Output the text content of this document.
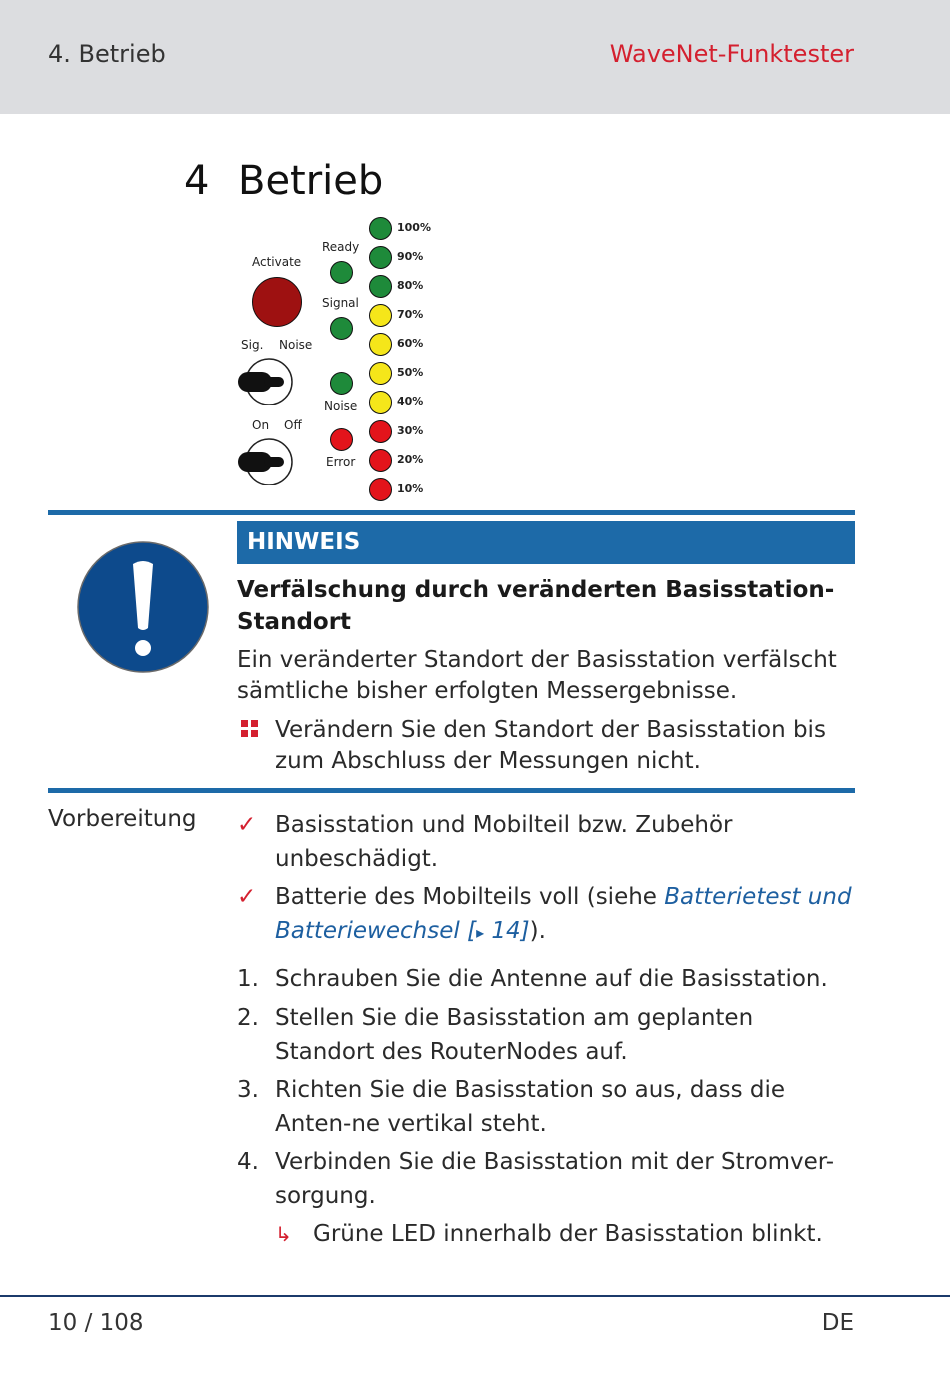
4. Betrieb	WaveNet-Funktester
4 Betrieb
Activate
Ready
Signal
Noise
Error
Sig. Noise
On Off
100%
90%
80%
70%
60%
50%
40%
30%
20%
10%
HINWEIS
Verfälschung durch veränderten Basisstation-Standort
Ein veränderter Standort der Basisstation verfälscht sämtliche bisher erfolgten Messergebnisse.
Verändern Sie den Standort der Basisstation bis zum Abschluss der Messungen nicht.
Vorbereitung ✓ Basisstation und Mobilteil bzw. Zubehör unbeschädigt.
✓ Batterie des Mobilteils voll (siehe Batterietest und Batteriewechsel [▸ 14]).
1. Schrauben Sie die Antenne auf die Basisstation.
2. Stellen Sie die Basisstation am geplanten Standort des RouterNodes auf.
3. Richten Sie die Basisstation so aus, dass die Anten-ne vertikal steht.
4. Verbinden Sie die Basisstation mit der Stromver-sorgung.
↳ Grüne LED innerhalb der Basisstation blinkt.
10 / 108	DE
